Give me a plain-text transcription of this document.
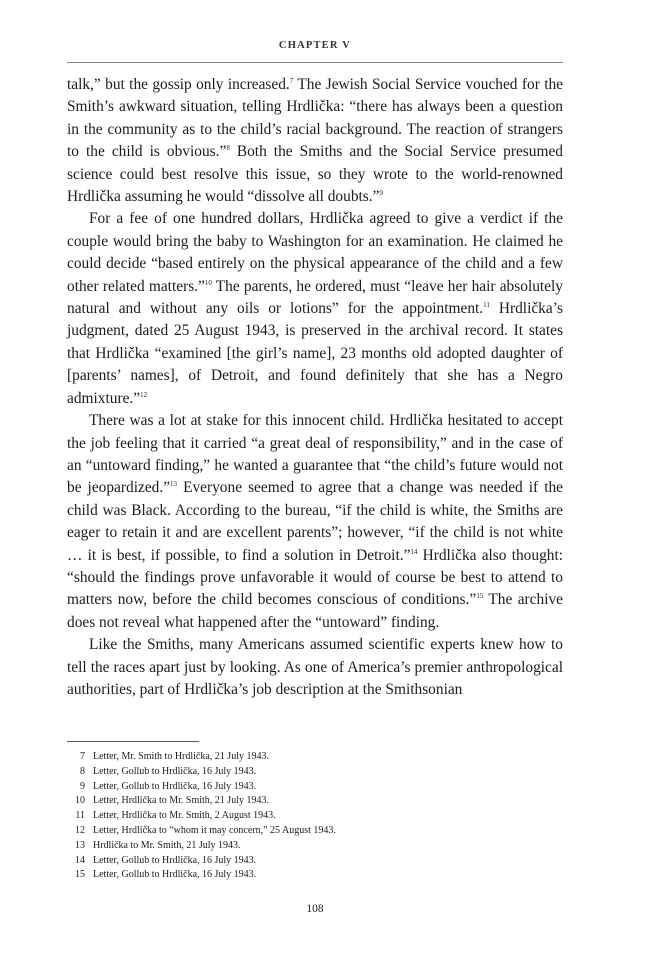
CHAPTER V

talk,” but the gossip only increased.$^7$ The Jewish Social Service vouched for the Smith’s awkward situation, telling Hrdlička: “there has always been a question in the community as to the child’s racial background. The reaction of strangers to the child is obvious.”$^8$ Both the Smiths and the Social Service presumed science could best resolve this issue, so they wrote to the world-renowned Hrdlička assuming he would “dissolve all doubts.”$^9$

For a fee of one hundred dollars, Hrdlička agreed to give a verdict if the couple would bring the baby to Washington for an examination. He claimed he could decide “based entirely on the physical appearance of the child and a few other related matters.”$^{10}$ The parents, he ordered, must “leave her hair absolutely natural and without any oils or lotions” for the appointment.$^{11}$ Hrdlička’s judgment, dated 25 August 1943, is preserved in the archival record. It states that Hrdlička “examined [the girl’s name], 23 months old adopted daughter of [parents’ names], of Detroit, and found definitely that she has a Negro admixture.”$^{12}$

There was a lot at stake for this innocent child. Hrdlička hesitated to accept the job feeling that it carried “a great deal of responsibility,” and in the case of an “untoward finding,” he wanted a guarantee that “the child’s future would not be jeopardized.”$^{13}$ Everyone seemed to agree that a change was needed if the child was Black. According to the bureau, “if the child is white, the Smiths are eager to retain it and are excellent parents”; however, “if the child is not white … it is best, if possible, to find a solution in Detroit.”$^{14}$ Hrdlička also thought: “should the findings prove unfavorable it would of course be best to attend to matters now, before the child becomes conscious of conditions.”$^{15}$ The archive does not reveal what happened after the “untoward” finding.

Like the Smiths, many Americans assumed scientific experts knew how to tell the races apart just by looking. As one of America’s premier anthropological authorities, part of Hrdlička’s job description at the Smithsonian

7 Letter, Mr. Smith to Hrdlička, 21 July 1943.
8 Letter, Gollub to Hrdlička, 16 July 1943.
9 Letter, Gollub to Hrdlička, 16 July 1943.
10 Letter, Hrdlička to Mr. Smith, 21 July 1943.
11 Letter, Hrdlička to Mr. Smith, 2 August 1943.
12 Letter, Hrdlička to “whom it may concern,” 25 August 1943.
13 Hrdlička to Mr. Smith, 21 July 1943.
14 Letter, Gollub to Hrdlička, 16 July 1943.
15 Letter, Gollub to Hrdlička, 16 July 1943.
108
